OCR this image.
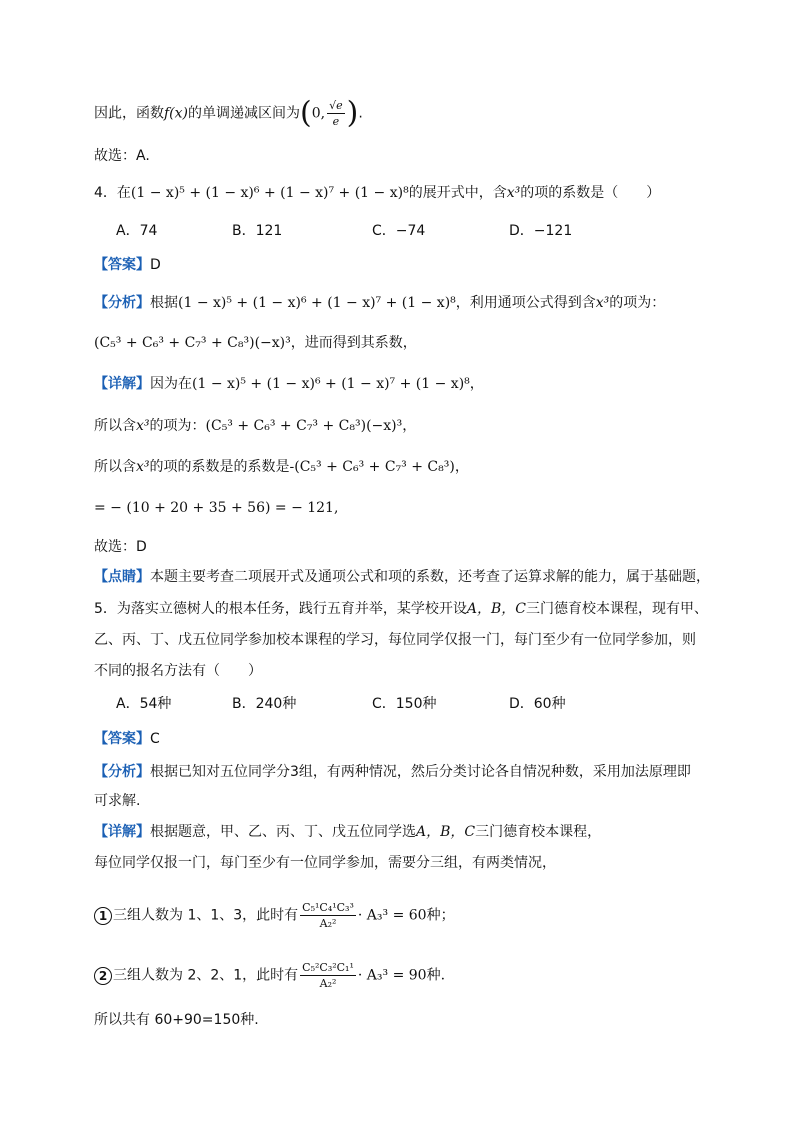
因此，函数f(x)的单调递减区间为(0, $\frac{√e}{e}$ ).
故选：A.
4．在(1 − x)⁵ + (1 − x)⁶ + (1 − x)⁷ + (1 − x)⁸的展开式中，含x³的项的系数是（　　）
A．74	B．121	C．−74	D．−121
【答案】D
【分析】根据(1 − x)⁵ + (1 − x)⁶ + (1 − x)⁷ + (1 − x)⁸，利用通项公式得到含x³的项为：
(C₅³ + C₆³ + C₇³ + C₈³)(−x)³，进而得到其系数，
【详解】因为在(1 − x)⁵ + (1 − x)⁶ + (1 − x)⁷ + (1 − x)⁸，
所以含x³的项为：(C₅³ + C₆³ + C₇³ + C₈³)(−x)³，
所以含x³的项的系数是的系数是-(C₅³ + C₆³ + C₇³ + C₈³)，
= − (10 + 20 + 35 + 56) = − 121,
故选：D
【点睛】本题主要考查二项展开式及通项公式和项的系数，还考查了运算求解的能力，属于基础题，
5．为落实立德树人的根本任务，践行五育并举，某学校开设A，B，C三门德育校本课程，现有甲、
乙、丙、丁、戊五位同学参加校本课程的学习，每位同学仅报一门，每门至少有一位同学参加，则
不同的报名方法有（　　）
A．54种	B．240种	C．150种	D．60种
【答案】C
【分析】根据已知对五位同学分3组，有两种情况，然后分类讨论各自情况种数，采用加法原理即
可求解.
【详解】根据题意，甲、乙、丙、丁、戊五位同学选A，B，C三门德育校本课程，
每位同学仅报一门，每门至少有一位同学参加，需要分三组，有两类情况，
1 三组人数为 1、1、3，此时有 $\frac{\text{C₅¹C₄¹C₃³}}{\text{A₂²}} \cdot A_3^3 = 60$种；
2 三组人数为 2、2、1，此时有 $\frac{\text{C₅²C₃²C₁¹}}{\text{A₂²}} \cdot A_3^3 = 90$种.
所以共有 60+90=150种.
